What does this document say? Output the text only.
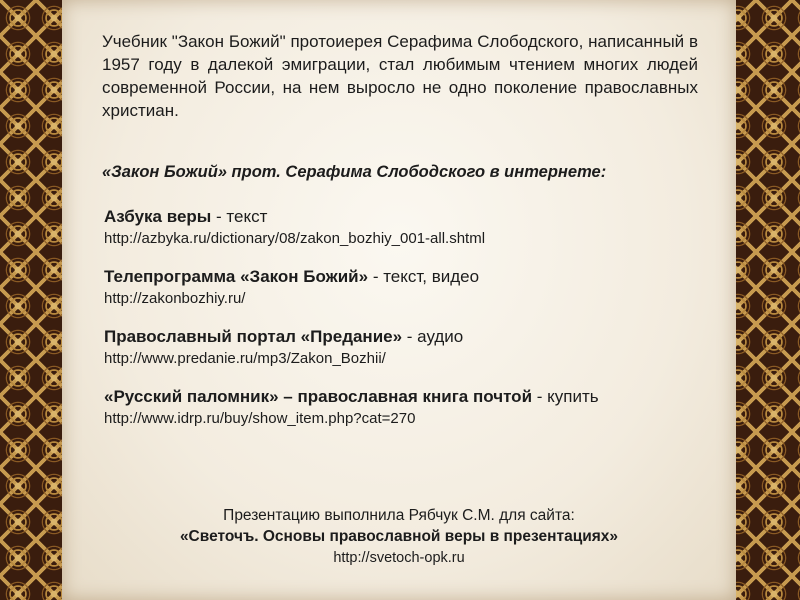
Учебник "Закон Божий" протоиерея Серафима Слободского, написанный в 1957 году в далекой эмиграции, стал любимым чтением многих людей современной России, на нем выросло не одно поколение православных христиан.
«Закон Божий» прот. Серафима Слободского в интернете:
Азбука веры - текст
http://azbyka.ru/dictionary/08/zakon_bozhiy_001-all.shtml
Телепрограмма «Закон Божий» - текст, видео
http://zakonbozhiy.ru/
Православный портал «Предание» - аудио
http://www.predanie.ru/mp3/Zakon_Bozhii/
«Русский паломник» – православная книга почтой - купить
http://www.idrp.ru/buy/show_item.php?cat=270
Презентацию выполнила Рябчук С.М. для сайта:
«Светочъ. Основы православной веры в презентациях»
http://svetoch-opk.ru
